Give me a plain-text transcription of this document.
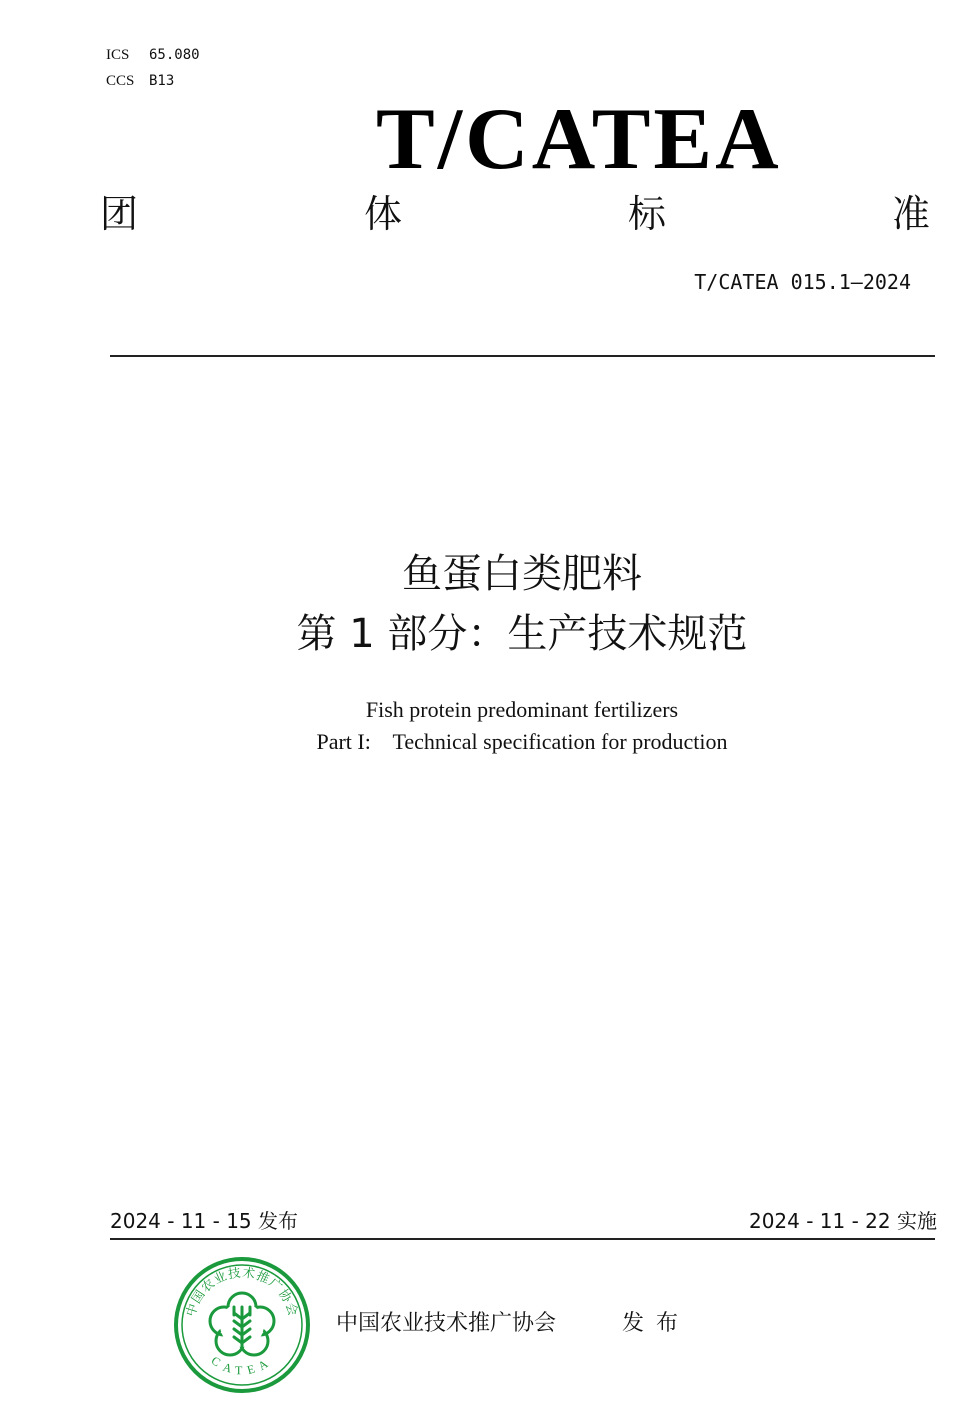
ICS 65.080
CCS B13
T/CATEA
团	体	标	准
T/CATEA 015.1—2024
鱼蛋白类肥料
第 1 部分：生产技术规范
Fish protein predominant fertilizers
Part I:    Technical specification for production
2024 - 11 - 15 发布	2024 - 11 - 22 实施
中国农业技术推广协会
CATEA
中国农业技术推广协会	发布
